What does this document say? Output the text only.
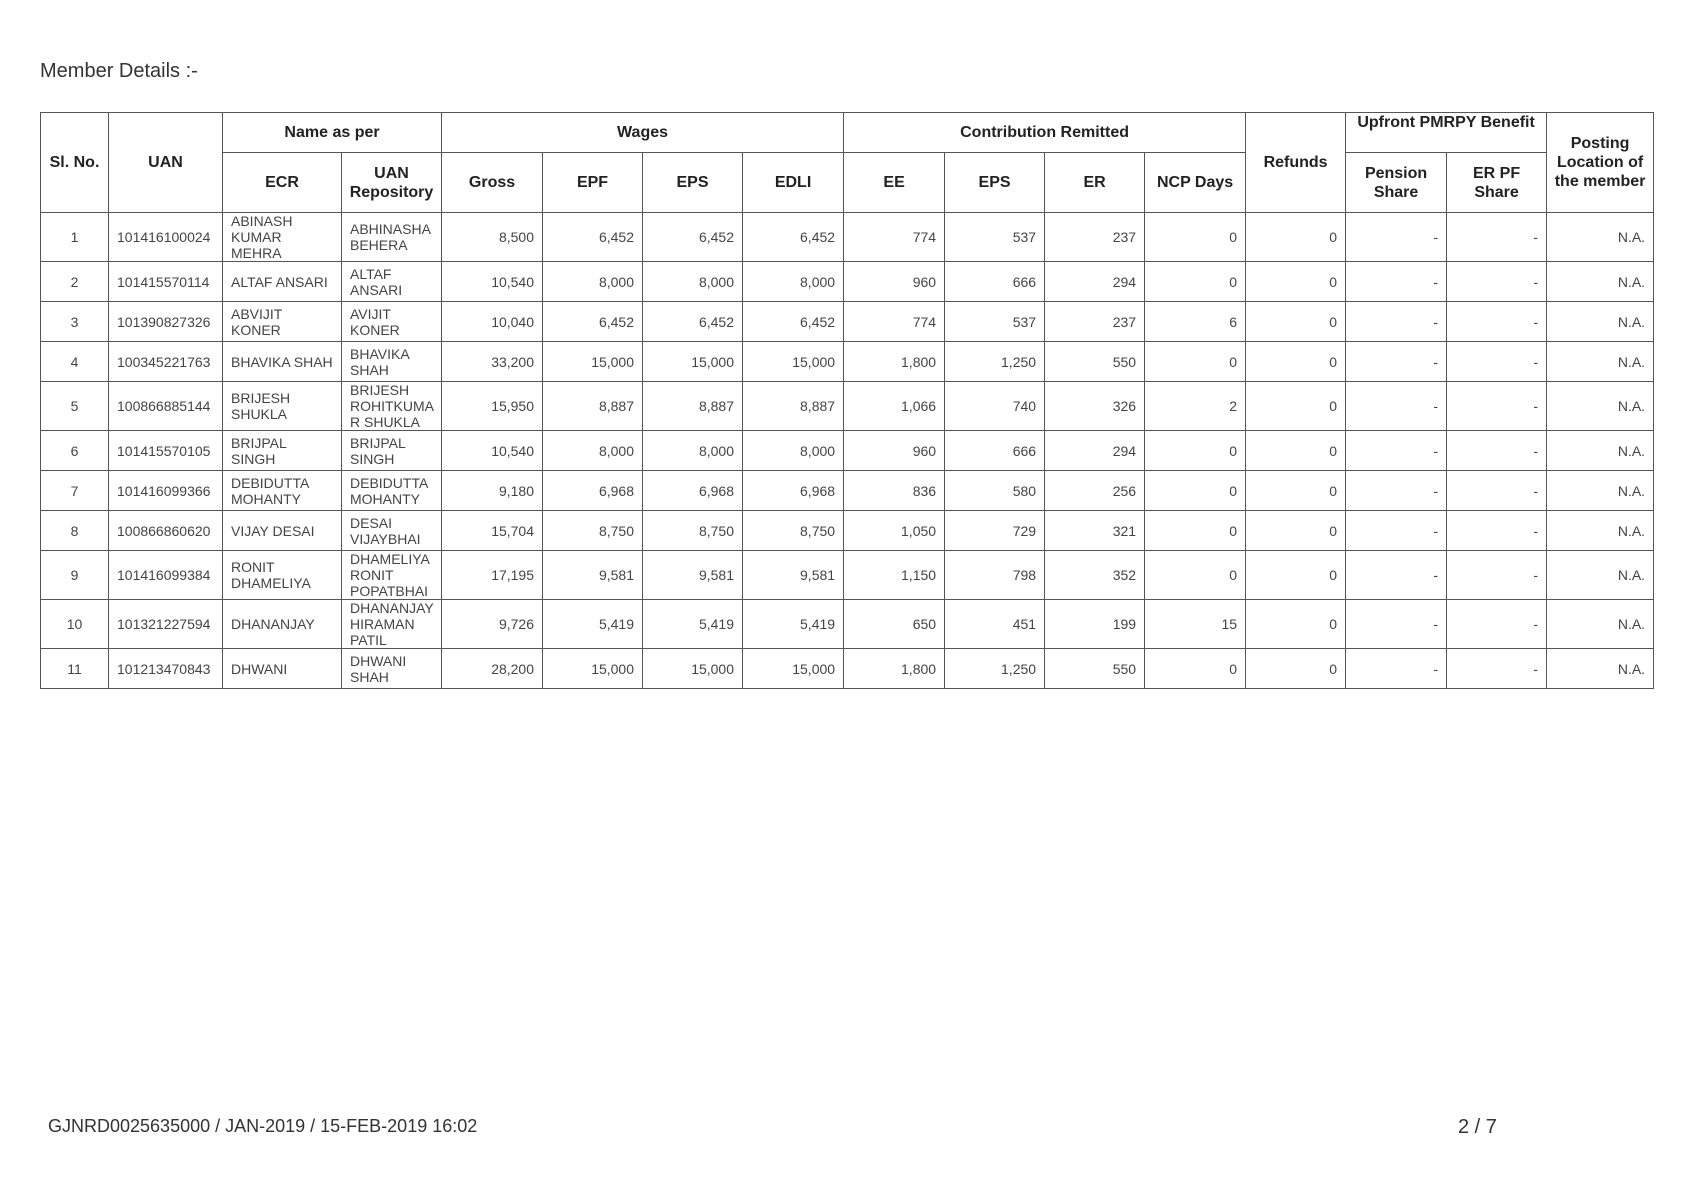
Member Details :-
Sl. No.	UAN	Name as per		Wages				Contribution Remitted				Refunds	Upfront PMRPY Benefit		Posting Location of the member
		ECR	UAN Repository	Gross	EPF	EPS	EDLI	EE	EPS	ER	NCP Days		Pension Share	ER PF Share	
1	101416100024	ABINASH KUMAR MEHRA	ABHINASHA BEHERA	8,500	6,452	6,452	6,452	774	537	237	0	0	-	-	N.A.
2	101415570114	ALTAF ANSARI	ALTAF ANSARI	10,540	8,000	8,000	8,000	960	666	294	0	0	-	-	N.A.
3	101390827326	ABVIJIT KONER	AVIJIT KONER	10,040	6,452	6,452	6,452	774	537	237	6	0	-	-	N.A.
4	100345221763	BHAVIKA SHAH	BHAVIKA SHAH	33,200	15,000	15,000	15,000	1,800	1,250	550	0	0	-	-	N.A.
5	100866885144	BRIJESH SHUKLA	BRIJESH ROHITKUMA R SHUKLA	15,950	8,887	8,887	8,887	1,066	740	326	2	0	-	-	N.A.
6	101415570105	BRIJPAL SINGH	BRIJPAL SINGH	10,540	8,000	8,000	8,000	960	666	294	0	0	-	-	N.A.
7	101416099366	DEBIDUTTA MOHANTY	DEBIDUTTA MOHANTY	9,180	6,968	6,968	6,968	836	580	256	0	0	-	-	N.A.
8	100866860620	VIJAY DESAI	DESAI VIJAYBHAI	15,704	8,750	8,750	8,750	1,050	729	321	0	0	-	-	N.A.
9	101416099384	RONIT DHAMELIYA	DHAMELIYA RONIT POPATBHAI	17,195	9,581	9,581	9,581	1,150	798	352	0	0	-	-	N.A.
10	101321227594	DHANANJAY	DHANANJAY HIRAMAN PATIL	9,726	5,419	5,419	5,419	650	451	199	15	0	-	-	N.A.
11	101213470843	DHWANI	DHWANI SHAH	28,200	15,000	15,000	15,000	1,800	1,250	550	0	0	-	-	N.A.
GJNRD0025635000 / JAN-2019 / 15-FEB-2019 16:02	2 / 7
